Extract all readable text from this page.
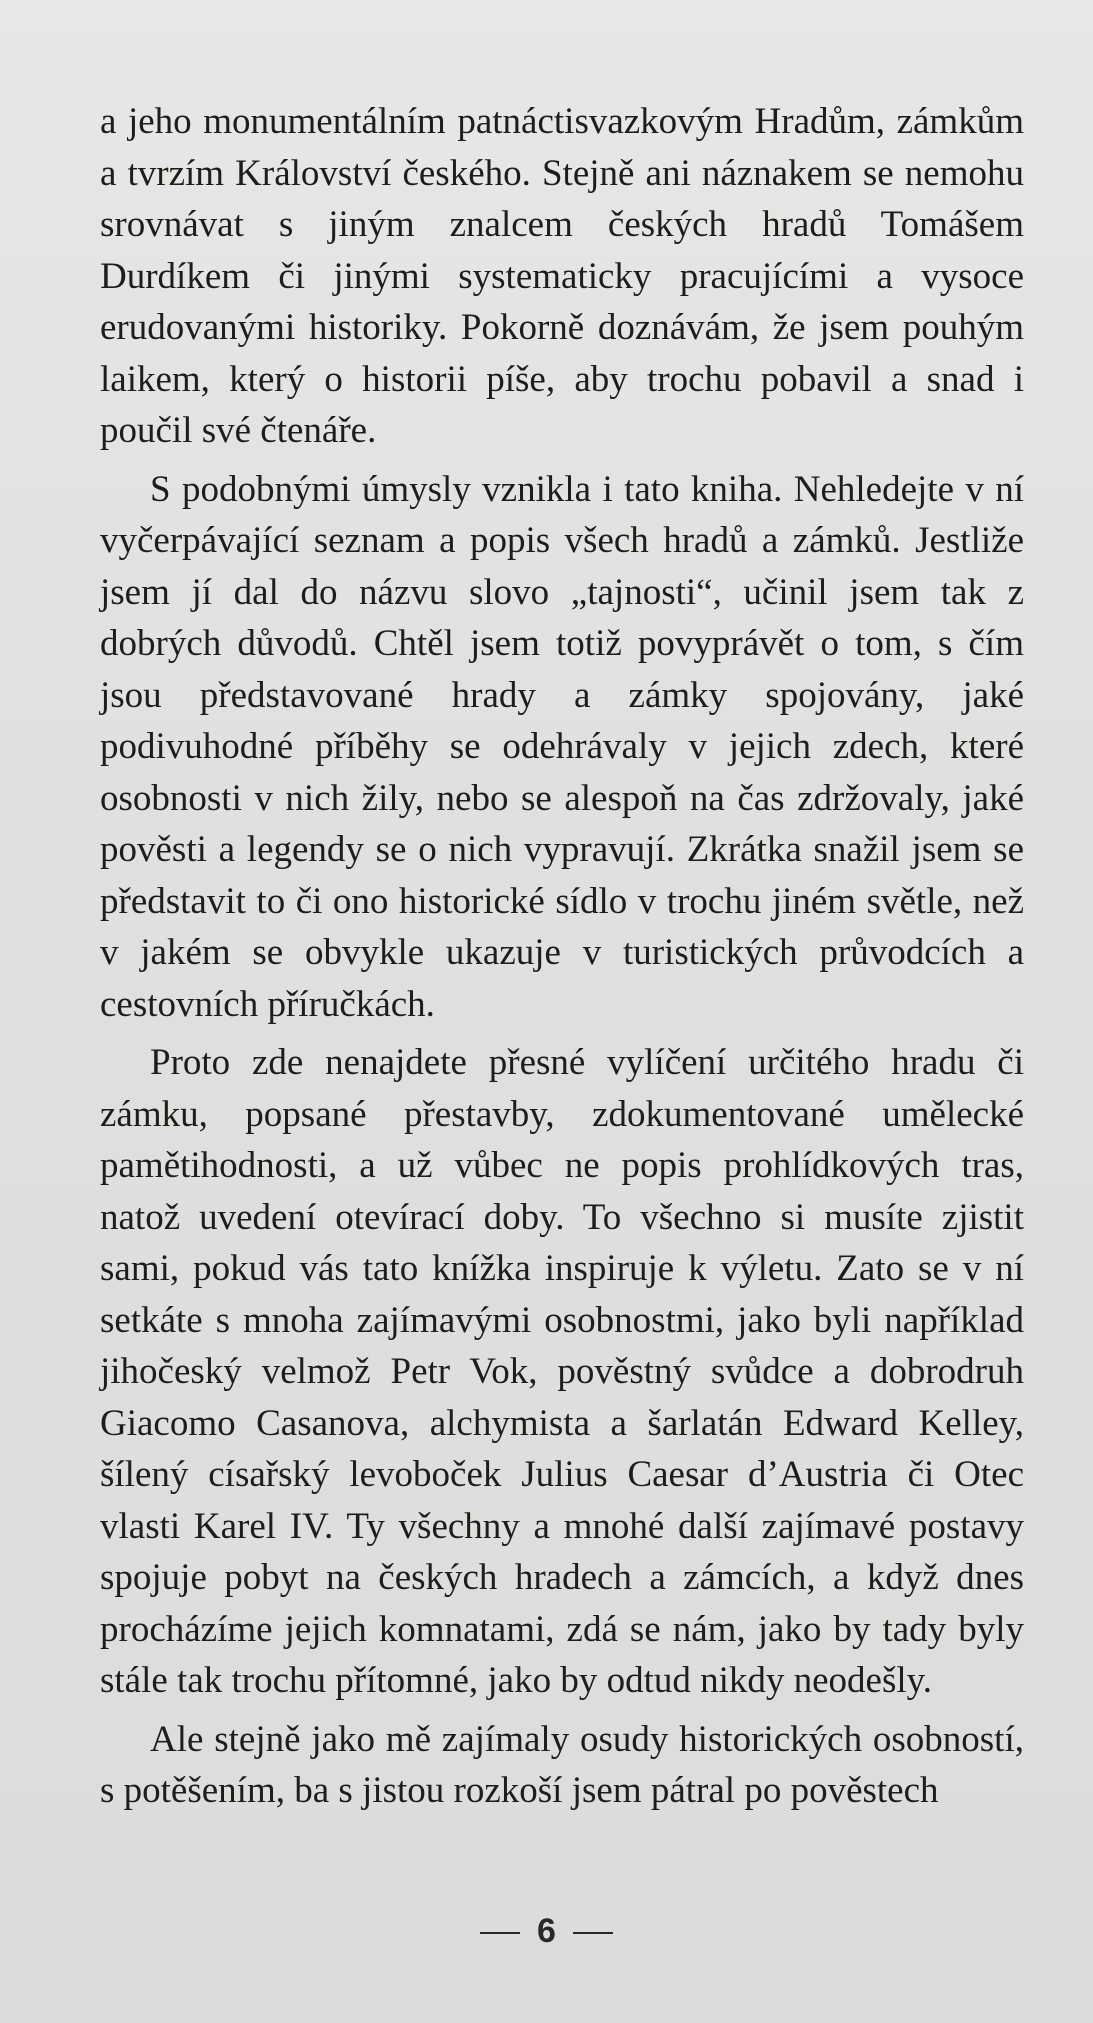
a jeho monumentálním patnáctisvazkovým Hradům, zámkům a tvrzím Království českého. Stejně ani náznakem se nemohu srovnávat s jiným znalcem českých hradů Tomášem Durdíkem či jinými systematicky pracujícími a vysoce erudovanými historiky. Pokorně doznávám, že jsem pouhým laikem, který o historii píše, aby trochu pobavil a snad i poučil své čtenáře.

S podobnými úmysly vznikla i tato kniha. Nehledejte v ní vyčerpávající seznam a popis všech hradů a zámků. Jestliže jsem jí dal do názvu slovo „tajnosti“, učinil jsem tak z dobrých důvodů. Chtěl jsem totiž povyprávět o tom, s čím jsou představované hrady a zámky spojovány, jaké podivuhodné příběhy se odehrávaly v jejich zdech, které osobnosti v nich žily, nebo se alespoň na čas zdržovaly, jaké pověsti a legendy se o nich vypravují. Zkrátka snažil jsem se představit to či ono historické sídlo v trochu jiném světle, než v jakém se obvykle ukazuje v turistických průvodcích a cestovních příručkách.

Proto zde nenajdete přesné vylíčení určitého hradu či zámku, popsané přestavby, zdokumentované umělecké pamětihodnosti, a už vůbec ne popis prohlídkových tras, natož uvedení otevírací doby. To všechno si musíte zjistit sami, pokud vás tato knížka inspiruje k výletu. Zato se v ní setkáte s mnoha zajímavými osobnostmi, jako byli například jihočeský velmož Petr Vok, pověstný svůdce a dobrodruh Giacomo Casanova, alchymista a šarlatán Edward Kelley, šílený císařský levoboček Julius Caesar d’Austria či Otec vlasti Karel IV. Ty všechny a mnohé další zajímavé postavy spojuje pobyt na českých hradech a zámcích, a když dnes procházíme jejich komnatami, zdá se nám, jako by tady byly stále tak trochu přítomné, jako by odtud nikdy neodešly.

Ale stejně jako mě zajímaly osudy historických osobností, s potěšením, ba s jistou rozkoší jsem pátral po pověstech

6
